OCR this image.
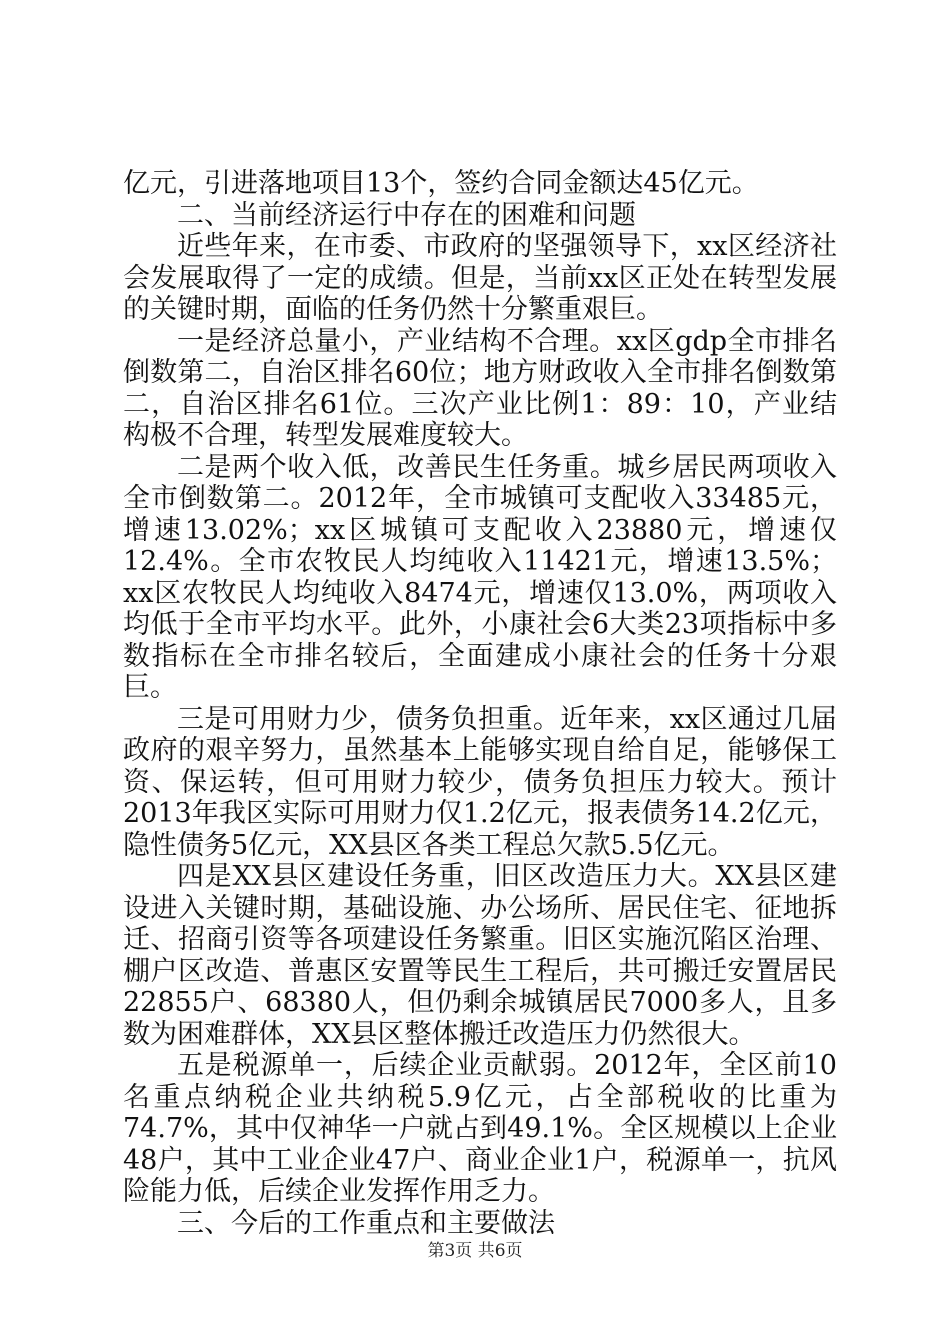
亿元，引进落地项目13个，签约合同金额达45亿元。

二、当前经济运行中存在的困难和问题

近些年来，在市委、市政府的坚强领导下，xx区经济社会发展取得了一定的成绩。但是，当前xx区正处在转型发展的关键时期，面临的任务仍然十分繁重艰巨。

一是经济总量小，产业结构不合理。xx区gdp全市排名倒数第二，自治区排名60位；地方财政收入全市排名倒数第二，自治区排名61位。三次产业比例1：89：10，产业结构极不合理，转型发展难度较大。

二是两个收入低，改善民生任务重。城乡居民两项收入全市倒数第二。2012年，全市城镇可支配收入33485元，增速13.02%；xx区城镇可支配收入23880元，增速仅12.4%。全市农牧民人均纯收入11421元，增速13.5%；xx区农牧民人均纯收入8474元，增速仅13.0%，两项收入均低于全市平均水平。此外，小康社会6大类23项指标中多数指标在全市排名较后，全面建成小康社会的任务十分艰巨。

三是可用财力少，债务负担重。近年来，xx区通过几届政府的艰辛努力，虽然基本上能够实现自给自足，能够保工资、保运转，但可用财力较少，债务负担压力较大。预计2013年我区实际可用财力仅1.2亿元，报表债务14.2亿元，隐性债务5亿元，XX县区各类工程总欠款5.5亿元。

四是XX县区建设任务重，旧区改造压力大。XX县区建设进入关键时期，基础设施、办公场所、居民住宅、征地拆迁、招商引资等各项建设任务繁重。旧区实施沉陷区治理、棚户区改造、普惠区安置等民生工程后，共可搬迁安置居民22855户、68380人，但仍剩余城镇居民7000多人，且多数为困难群体，XX县区整体搬迁改造压力仍然很大。

五是税源单一，后续企业贡献弱。2012年，全区前10名重点纳税企业共纳税5.9亿元，占全部税收的比重为74.7%，其中仅神华一户就占到49.1%。全区规模以上企业48户，其中工业企业47户、商业企业1户，税源单一，抗风险能力低，后续企业发挥作用乏力。

三、今后的工作重点和主要做法

第3页 共6页
